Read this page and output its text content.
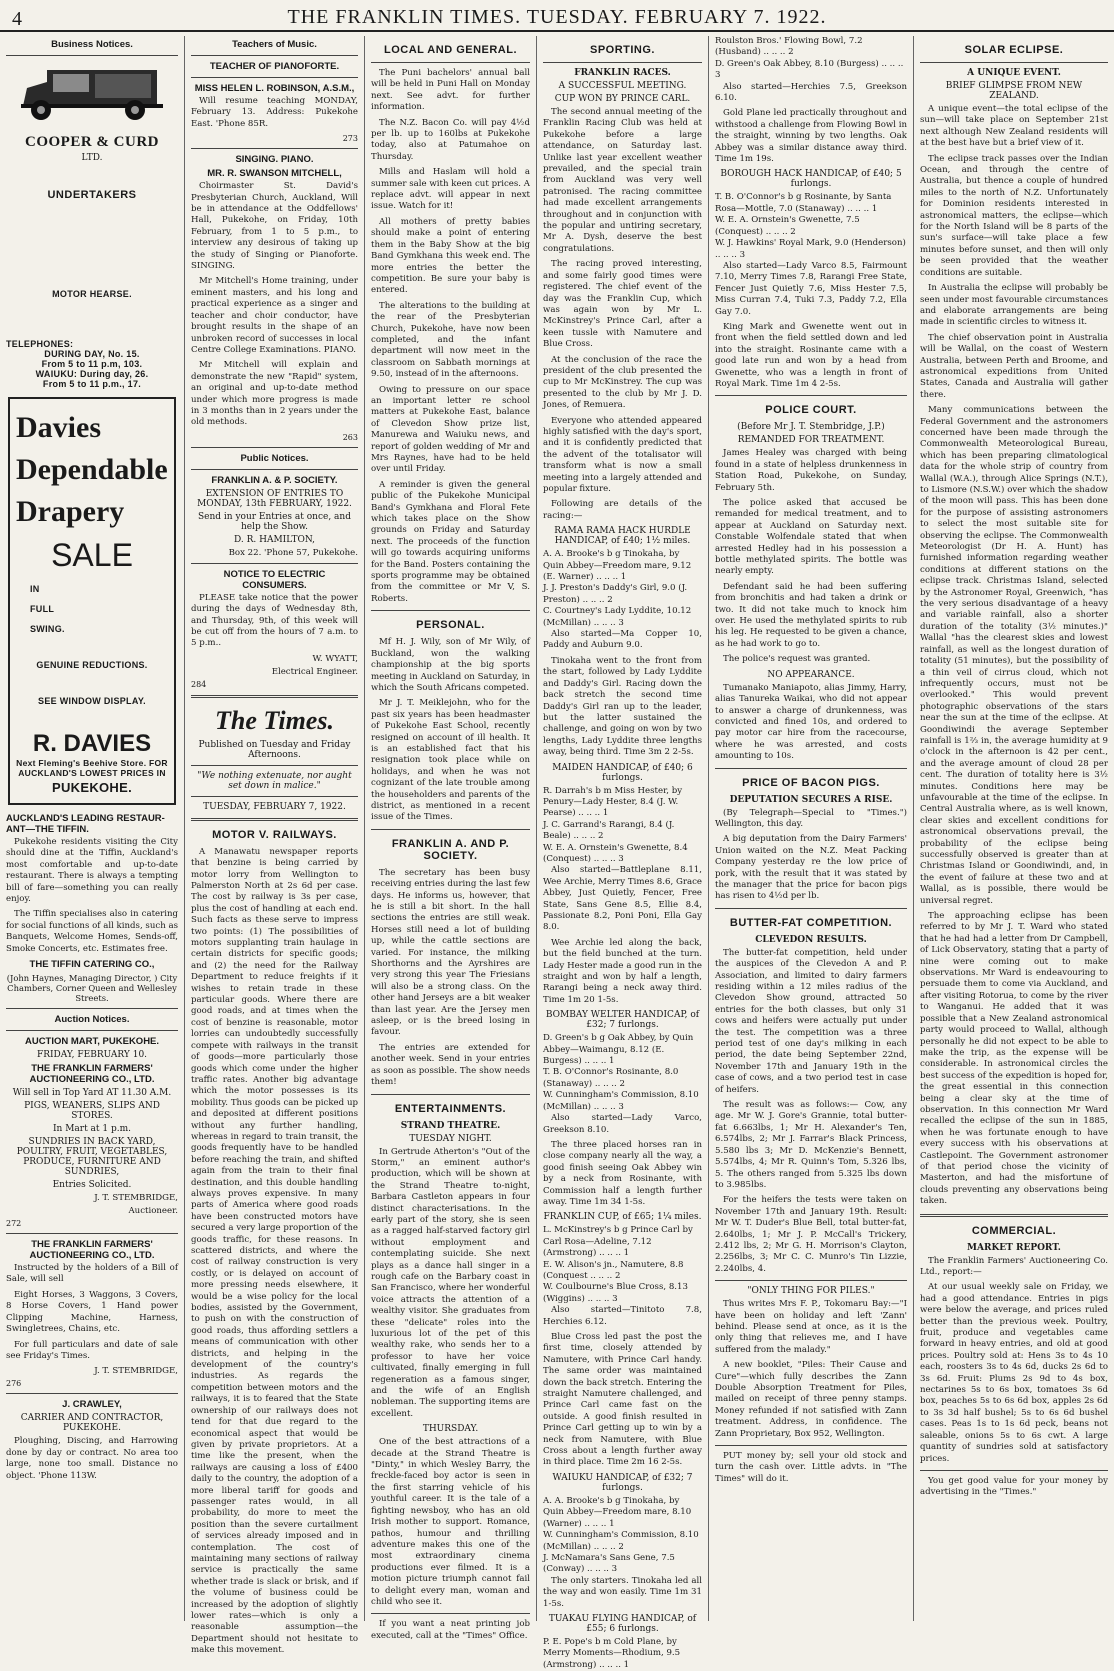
4	THE FRANKLIN TIMES. TUESDAY. FEBRUARY 7. 1922.
Business Notices.
COOPER & CURD
LTD.
UNDERTAKERS
MOTOR HEARSE.
TELEPHONES:
DURING DAY, No. 15.
From 5 to 11 p.m, 103.
WAIUKU: During day, 26.
From 5 to 11 p.m., 17.
Davies
Dependable
Drapery
SALE
IN
FULL
SWING.
GENUINE REDUCTIONS.
SEE WINDOW DISPLAY.
R. DAVIES
Next Fleming's Beehive Store. FOR AUCKLAND'S LOWEST PRICES IN
PUKEKOHE.
AUCKLAND'S LEADING RESTAUR-ANT—THE TIFFIN.

Pukekohe residents visiting the City should dine at the Tiffin, Auckland's most comfortable and up-to-date restaurant. There is always a tempting bill of fare—something you can really enjoy.

The Tiffin specialises also in catering for social functions of all kinds, such as Banquets, Welcome Homes, Sends-off, Smoke Concerts, etc. Estimates free.

THE TIFFIN CATERING CO.,
(John Haynes, Managing Director, ) City Chambers, Corner Queen and Wellesley Streets.
Auction Notices.
AUCTION MART, PUKEKOHE.
FRIDAY, FEBRUARY 10.
THE FRANKLIN FARMERS' AUCTIONEERING CO., LTD.
Will sell in Top Yard AT 11.30 A.M.
PIGS, WEANERS, SLIPS AND STORES.
In Mart at 1 p.m.
SUNDRIES IN BACK YARD, POULTRY, FRUIT, VEGETABLES, PRODUCE, FURNITURE AND SUNDRIES,
Entries Solicited.
J. T. STEMBRIDGE,
Auctioneer.
272
THE FRANKLIN FARMERS' AUCTIONEERING CO., LTD.

Instructed by the holders of a Bill of Sale, will sell

Eight Horses, 3 Waggons, 3 Covers, 8 Horse Covers, 1 Hand power Clipping Machine, Harness, Swingletrees, Chains, etc.

For full particulars and date of sale see Friday's Times.

J. T. STEMBRIDGE,
276
J. CRAWLEY,
CARRIER AND CONTRACTOR, PUKEKOHE.

Ploughing, Discing, and Harrowing done by day or contract. No area too large, none too small. Distance no object. 'Phone 113W.

Teachers of Music.
TEACHER OF PIANOFORTE.
MISS HELEN L. ROBINSON, A.S.M.,

Will resume teaching MONDAY, February 13. Address: Pukekohe East. 'Phone 85R.

273
SINGING. PIANO.
MR. R. SWANSON MITCHELL,

Choirmaster St. David's Presbyterian Church, Auckland, Will be in attendance at the Oddfellows' Hall, Pukekohe, on Friday, 10th February, from 1 to 5 p.m., to interview any desirous of taking up the study of Singing or Pianoforte. SINGING.

Mr Mitchell's Home training, under eminent masters, and his long and practical experience as a singer and teacher and choir conductor, have brought results in the shape of an unbroken record of successes in local Centre College Examinations. PIANO.

Mr Mitchell will explain and demonstrate the new "Rapid" system, an original and up-to-date method under which more progress is made in 3 months than in 2 years under the old methods.

263
Public Notices.
FRANKLIN A. & P. SOCIETY.
EXTENSION OF ENTRIES TO MONDAY, 13th FEBRUARY, 1922.
Send in your Entries at once, and help the Show.
D. R. HAMILTON,
Box 22. 'Phone 57, Pukekohe.
NOTICE TO ELECTRIC CONSUMERS.

PLEASE take notice that the power during the days of Wednesday 8th, and Thursday, 9th, of this week will be cut off from the hours of 7 a.m. to 5 p.m..

W. WYATT,
Electrical Engineer.
284
The Times.
Published on Tuesday and Friday Afternoons.
"We nothing extenuate, nor aught set down in malice."
TUESDAY, FEBRUARY 7, 1922.
MOTOR V. RAILWAYS.

A Manawatu newspaper reports that benzine is being carried by motor lorry from Wellington to Palmerston North at 2s 6d per case. The cost by railway is 3s per case, plus the cost of handling at each end. Such facts as these serve to impress two points: (1) The possibilities of motors supplanting train haulage in certain districts for specific goods; and (2) the need for the Railway Department to reduce freights if it wishes to retain trade in these particular goods. Where there are good roads, and at times when the cost of benzine is reasonable, motor lorries can undoubtedly successfully compete with railways in the transit of goods—more particularly those goods which come under the higher traffic rates. Another big advantage which the motor possesses is its mobility. Thus goods can be picked up and deposited at different positions without any further handling, whereas in regard to train transit, the goods frequently have to be handled before reaching the train, and shifted again from the train to their final destination, and this double handling always proves expensive. In many parts of America where good roads have been constructed motors have secured a very large proportion of the goods traffic, for these reasons. In scattered districts, and where the cost of railway construction is very costly, or is delayed on account of more pressing needs elsewhere, it would be a wise policy for the local bodies, assisted by the Government, to push on with the construction of good roads, thus affording settlers a means of communication with other districts, and helping in the development of the country's industries. As regards the competition between motors and the railways, it is to feared that the State ownership of our railways does not tend for that due regard to the economical aspect that would be given by private proprietors. At a time like the present, when the railways are causing a loss of £400 daily to the country, the adoption of a more liberal tariff for goods and passenger rates would, in all probability, do more to meet the position than the severe curtailment of services already imposed and in contemplation. The cost of maintaining many sections of railway service is practically the same whether trade is slack or brisk, and if the volume of business could be increased by the adoption of slightly lower rates—which is only a reasonable assumption—the Department should not hesitate to make this movement.

LOCAL AND GENERAL.

The Puni bachelors' annual ball will be held in Puni Hall on Monday next. See advt. for further information.

The N.Z. Bacon Co. will pay 4½d per lb. up to 160lbs at Pukekohe today, also at Patumahoe on Thursday.

Mills and Haslam will hold a summer sale with keen cut prices. A replace advt. will appear in next issue. Watch for it!

All mothers of pretty babies should make a point of entering them in the Baby Show at the big Band Gymkhana this week end. The more entries the better the competition. Be sure your baby is entered.

The alterations to the building at the rear of the Presbyterian Church, Pukekohe, have now been completed, and the infant department will now meet in the classroom on Sabbath mornings at 9.50, instead of in the afternoons.

Owing to pressure on our space an important letter re school matters at Pukekohe East, balance of Clevedon Show prize list, Manurewa and Waiuku news, and report of golden wedding of Mr and Mrs Raynes, have had to be held over until Friday.

A reminder is given the general public of the Pukekohe Municipal Band's Gymkhana and Floral Fete which takes place on the Show grounds on Friday and Saturday next. The proceeds of the function will go towards acquiring uniforms for the Band. Posters containing the sports programme may be obtained from the committee or Mr V, S. Roberts.

PERSONAL.

Mf H. J. Wily, son of Mr Wily, of Buckland, won the walking championship at the big sports meeting in Auckland on Saturday, in which the South Africans competed.

Mr J. T. Meiklejohn, who for the past six years has been headmaster of Pukekohe East School, recently resigned on account of ill health. It is an established fact that his resignation took place while on holidays, and when he was not cognizant of the late trouble among the householders and parents of the district, as mentioned in a recent issue of the Times.

FRANKLIN A. AND P. SOCIETY.

The secretary has been busy receiving entries during the last few days. He informs us, however, that he is still a bit short. In the hall sections the entries are still weak. Horses still need a lot of building up, while the cattle sections are varied. For instance, the milking Shorthorns and the Ayrshires are very strong this year The Friesians will also be a strong class. On the other hand Jerseys are a bit weaker than last year. Are the Jersey men asleep, or is the breed losing in favour.

The entries are extended for another week. Send in your entries as soon as possible. The show needs them!

ENTERTAINMENTS.
STRAND THEATRE.
TUESDAY NIGHT.

In Gertrude Atherton's "Out of the Storm," an eminent author's production, which will be shown at the Strand Theatre to-night, Barbara Castleton appears in four distinct characterisations. In the early part of the story, she is seen as a ragged half-starved factory girl without employment and contemplating suicide. She next plays as a dance hall singer in a rough cafe on the Barbary coast in San Francisco, where her wonderful voice attracts the attention of a wealthy visitor. She graduates from these "delicate" roles into the luxurious lot of the pet of this wealthy rake, who sends her to a professor to have her voice cultivated, finally emerging in full regeneration as a famous singer, and the wife of an English nobleman. The supporting items are excellent.

THURSDAY.

One of the best attractions of a decade at the Strand Theatre is "Dinty," in which Wesley Barry, the freckle-faced boy actor is seen in the first starring vehicle of his youthful career. It is the tale of a fighting newsboy, who has an old Irish mother to support. Romance, pathos, humour and thrilling adventure makes this one of the most extraordinary cinema productions ever filmed. It is a motion picture triumph cannot fail to delight every man, woman and child who see it.

If you want a neat printing job executed, call at the "Times" Office.

SPORTING.
FRANKLIN RACES.
A SUCCESSFUL MEETING.
CUP WON BY PRINCE CARL.

The second annual meeting of the Franklin Racing Club was held at Pukekohe before a large attendance, on Saturday last. Unlike last year excellent weather prevailed, and the special train from Auckland was very well patronised. The racing committee had made excellent arrangements throughout and in conjunction with the popular and untiring secretary, Mr A. Dysh, deserve the best congratulations.

The racing proved interesting, and some fairly good times were registered. The chief event of the day was the Franklin Cup, which was again won by Mr L. McKinstrey's Prince Carl, after a keen tussle with Namutere and Blue Cross.

At the conclusion of the race the president of the club presented the cup to Mr McKinstrey. The cup was presented to the club by Mr J. D. Jones, of Remuera.

Everyone who attended appeared highly satisfied with the day's sport, and it is confidently predicted that the advent of the totalisator will transform what is now a small meeting into a largely attended and popular fixture.

Following are details of the racing:—

RAMA RAMA HACK HURDLE HANDICAP, of £40; 1½ miles.
A. A. Brooke's b g Tinokaha, by Quin Abbey—Freedom mare, 9.12 (E. Warner) .. .. .. 1
J. J. Preston's Daddy's Girl, 9.0 (J. Preston) .. .. .. 2
C. Courtney's Lady Lyddite, 10.12 (McMillan) .. .. .. 3

Also started—Ma Copper 10, Paddy and Auburn 9.0.

Tinokaha went to the front from the start, followed by Lady Lyddite and Daddy's Girl. Racing down the back stretch the second time Daddy's Girl ran up to the leader, but the latter sustained the challenge, and going on won by two lengths, Lady Lyddite three lengths away, being third. Time 3m 2 2-5s.

MAIDEN HANDICAP, of £40; 6 furlongs.
R. Darrah's b m Miss Hester, by Penury—Lady Hester, 8.4 (J. W. Pearse) .. .. .. 1
J. C. Garrand's Rarangi, 8.4 (J. Beale) .. .. .. 2
W. E. A. Ornstein's Gwenette, 8.4 (Conquest) .. .. .. 3

Also started—Battleplane 8.11, Wee Archie, Merry Times 8.6, Grace Abbey, Just Quietly, Fencer, Free State, Sans Gene 8.5, Ellie 8.4, Passionate 8.2, Poni Poni, Ella Gay 8.0.

Wee Archie led along the back, but the field bunched at the turn. Lady Hester made a good run in the straight and won by half a length, Rarangi being a neck away third. Time 1m 20 1-5s.

BOMBAY WELTER HANDICAP, of £32; 7 furlongs.
D. Green's b g Oak Abbey, by Quin Abbey—Waimangu, 8.12 (E. Burgess) .. .. .. 1
T. B. O'Connor's Rosinante, 8.0 (Stanaway) .. .. .. 2
W. Cunningham's Commission, 8.10 (McMillan) .. .. .. 3

Also started—Lady Varco, Greekson 8.10.

The three placed horses ran in close company nearly all the way, a good finish seeing Oak Abbey win by a neck from Rosinante, with Commission half a length further away. Time 1m 34 1-5s.

FRANKLIN CUP, of £65; 1¼ miles.
L. McKinstrey's b g Prince Carl by Carl Rosa—Adeline, 7.12 (Armstrong) .. .. .. 1
E. W. Alison's jn., Namutere, 8.8 (Conquest .. .. .. 2
W. Coulbourne's Blue Cross, 8.13 (Wiggins) .. .. .. 3

Also started—Tinitoto 7.8, Herchies 6.12.

Blue Cross led past the post the first time, closely attended by Namutere, with Prince Carl handy. The same order was maintained down the back stretch. Entering the straight Namutere challenged, and Prince Carl came fast on the outside. A good finish resulted in Prince Carl getting up to win by a neck from Namutere, with Blue Cross about a length further away in third place. Time 2m 16 2-5s.

WAIUKU HANDICAP, of £32; 7 furlongs.
A. A. Brooke's b g Tinokaha, by Quin Abbey—Freedom mare, 8.10 (Warner) .. .. .. 1
W. Cunningham's Commission, 8.10 (McMillan) .. .. .. 2
J. McNamara's Sans Gene, 7.5 (Conway) .. .. .. 3

The only starters. Tinokaha led all the way and won easily. Time 1m 31 1-5s.

TUAKAU FLYING HANDICAP, of £55; 6 furlongs.
P. E. Pope's b m Cold Plane, by Merry Moments—Rhodium, 9.5 (Armstrong) .. .. .. 1
Roulston Bros.' Flowing Bowl, 7.2 (Husband) .. .. .. 2
D. Green's Oak Abbey, 8.10 (Burgess) .. .. .. 3

Also started—Herchies 7.5, Greekson 6.10.

Gold Plane led practically throughout and withstood a challenge from Flowing Bowl in the straight, winning by two lengths. Oak Abbey was a similar distance away third. Time 1m 19s.

BOROUGH HACK HANDICAP, of £40; 5 furlongs.
T. B. O'Connor's b g Rosinante, by Santa Rosa—Mottle, 7.0 (Stanaway) .. .. .. 1
W. E. A. Ornstein's Gwenette, 7.5 (Conquest) .. .. .. 2
W. J. Hawkins' Royal Mark, 9.0 (Henderson) .. .. .. 3

Also started—Lady Varco 8.5, Fairmount 7.10, Merry Times 7.8, Rarangi Free State, Fencer Just Quietly 7.6, Miss Hester 7.5, Miss Curran 7.4, Tuki 7.3, Paddy 7.2, Ella Gay 7.0.

King Mark and Gwenette went out in front when the field settled down and led into the straight. Rosinante came with a good late run and won by a head from Gwenette, who was a length in front of Royal Mark. Time 1m 4 2-5s.

POLICE COURT.
(Before Mr J. T. Stembridge, J.P.)
REMANDED FOR TREATMENT.

James Healey was charged with being found in a state of helpless drunkenness in Station Road, Pukekohe, on Sunday, February 5th.

The police asked that accused be remanded for medical treatment, and to appear at Auckland on Saturday next. Constable Wolfendale stated that when arrested Hedley had in his possession a bottle methylated spirits. The bottle was nearly empty.

Defendant said he had been suffering from bronchitis and had taken a drink or two. It did not take much to knock him over. He used the methylated spirits to rub his leg. He requested to be given a chance, as he had work to go to.

The police's request was granted.

NO APPEARANCE.

Tumanako Maniapoto, alias Jimmy, Harry, alias Tanureka Waikai, who did not appear to answer a charge of drunkenness, was convicted and fined 10s, and ordered to pay motor car hire from the racecourse, where he was arrested, and costs amounting to 10s.

PRICE OF BACON PIGS.
DEPUTATION SECURES A RISE.

(By Telegraph—Special to "Times.") Wellington, this day.

A big deputation from the Dairy Farmers' Union waited on the N.Z. Meat Packing Company yesterday re the low price of pork, with the result that it was stated by the manager that the price for bacon pigs has risen to 4½d per lb.

BUTTER-FAT COMPETITION.
CLEVEDON RESULTS.

The butter-fat competition, held under the auspices of the Clevedon A and P. Association, and limited to dairy farmers residing within a 12 miles radius of the Clevedon Show ground, attracted 50 entries for the both classes, but only 31 cows and heifers were actually put under the test. The competition was a three period test of one day's milking in each period, the date being September 22nd, November 17th and January 19th in the case of cows, and a two period test in case of heifers.

The result was as follows:— Cow, any age. Mr W. J. Gore's Grannie, total butter-fat 6.663lbs, 1; Mr H. Alexander's Ten, 6.574lbs, 2; Mr J. Farrar's Black Princess, 5.580 lbs 3; Mr D. McKenzie's Bennett, 5.574lbs, 4; Mr R. Quinn's Tom, 5.326 lbs, 5. The others ranged from 5.325 lbs down to 3.985lbs.

For the heifers the tests were taken on November 17th and January 19th. Result: Mr W. T. Duder's Blue Bell, total butter-fat, 2.640lbs, 1; Mr J. P. McCall's Trickery, 2.412 lbs, 2; Mr G. H. Morrison's Clayton, 2.256lbs, 3; Mr C. C. Munro's Tin Lizzie, 2.240lbs, 4.

"ONLY THING FOR PILES."

Thus writes Mrs F. P., Tokomaru Bay:—"I have been on holiday and left 'Zann' behind. Please send at once, as it is the only thing that relieves me, and I have suffered from the malady."

A new booklet, "Piles: Their Cause and Cure"—which fully describes the Zann Double Absorption Treatment for Piles, mailed on receipt of three penny stamps. Money refunded if not satisfied with Zann treatment. Address, in confidence. The Zann Proprietary, Box 952, Wellington.

PUT money by; sell your old stock and turn the cash over. Little advts. in "The Times" will do it.

SOLAR ECLIPSE.
A UNIQUE EVENT.
BRIEF GLIMPSE FROM NEW ZEALAND.

A unique event—the total eclipse of the sun—will take place on September 21st next although New Zealand residents will at the best have but a brief view of it.

The eclipse track passes over the Indian Ocean, and through the centre of Australia, but thence a couple of hundred miles to the north of N.Z. Unfortunately for Dominion residents interested in astronomical matters, the eclipse—which for the North Island will be 8 parts of the sun's surface—will take place a few minutes before sunset, and then will only be seen provided that the weather conditions are suitable.

In Australia the eclipse will probably be seen under most favourable circumstances and elaborate arrangements are being made in scientific circles to witness it.

The chief observation point in Australia will be Wallal, on the coast of Western Australia, between Perth and Broome, and astronomical expeditions from United States, Canada and Australia will gather there.

Many communications between the Federal Government and the astronomers concerned have been made through the Commonwealth Meteorological Bureau, which has been preparing climatological data for the whole strip of country from Wallal (W.A.), through Alice Springs (N.T.), to Lismore (N.S.W.) over which the shadow of the moon will pass. This has been done for the purpose of assisting astronomers to select the most suitable site for observing the eclipse. The Commonwealth Meteorologist (Dr H. A. Hunt) has furnished information regarding weather conditions at different stations on the eclipse track. Christmas Island, selected by the Astronomer Royal, Greenwich, "has the very serious disadvantage of a heavy and variable rainfall, also a shorter duration of the totality (3½ minutes.)" Wallal "has the clearest skies and lowest rainfall, as well as the longest duration of totality (51 minutes), but the possibility of a thin veil of cirrus cloud, which not infrequently occurs, must not be overlooked." This would prevent photographic observations of the stars near the sun at the time of the eclipse. At Goondiwindi the average September rainfall is 1⅔ in, the average humidity at 9 o'clock in the afternoon is 42 per cent., and the average amount of cloud 28 per cent. The duration of totality here is 3½ minutes. Conditions here may be unfavourable at the time of the eclipse. In Central Australia where, as is well known, clear skies and excellent conditions for astronomical observations prevail, the probability of the eclipse being successfully observed is greater than at Christmas Island or Goondiwindi, and, in the event of failure at these two and at Wallal, as is possible, there would be universal regret.

The approaching eclipse has been referred to by Mr J. T. Ward who stated that he had had a letter from Dr Campbell, of Lick Observatory, stating that a party of nine were coming out to make observations. Mr Ward is endeavouring to persuade them to come via Auckland, and after visiting Rotorua, to come by the river to Wanganui. He added that it was possible that a New Zealand astronomical party would proceed to Wallal, although personally he did not expect to be able to make the trip, as the expense will be considerable. In astronomical circles the best success of the expedition is hoped for, the great essential in this connection being a clear sky at the time of observation. In this connection Mr Ward recalled the eclipse of the sun in 1885, when he was fortunate enough to have every success with his observations at Castlepoint. The Government astronomer of that period chose the vicinity of Masterton, and had the misfortune of clouds preventing any observations being taken.

COMMERCIAL.
MARKET REPORT.

The Franklin Farmers' Auctioneering Co. Ltd., report:—

At our usual weekly sale on Friday, we had a good attendance. Entries in pigs were below the average, and prices ruled better than the previous week. Poultry, fruit, produce and vegetables came forward in heavy entries, and old at good prices. Poultry sold at: Hens 3s to 4s 10 each, roosters 3s to 4s 6d, ducks 2s 6d to 3s 6d. Fruit: Plums 2s 9d to 4s box, nectarines 5s to 6s box, tomatoes 3s 6d box, peaches 5s to 6s 6d box, apples 2s 6d to 3s 3d half bushel; 5s to 6s 6d bushel cases. Peas 1s to 1s 6d peck, beans not saleable, onions 5s to 6s cwt. A large quantity of sundries sold at satisfactory prices.

You get good value for your money by advertising in the "Times."
